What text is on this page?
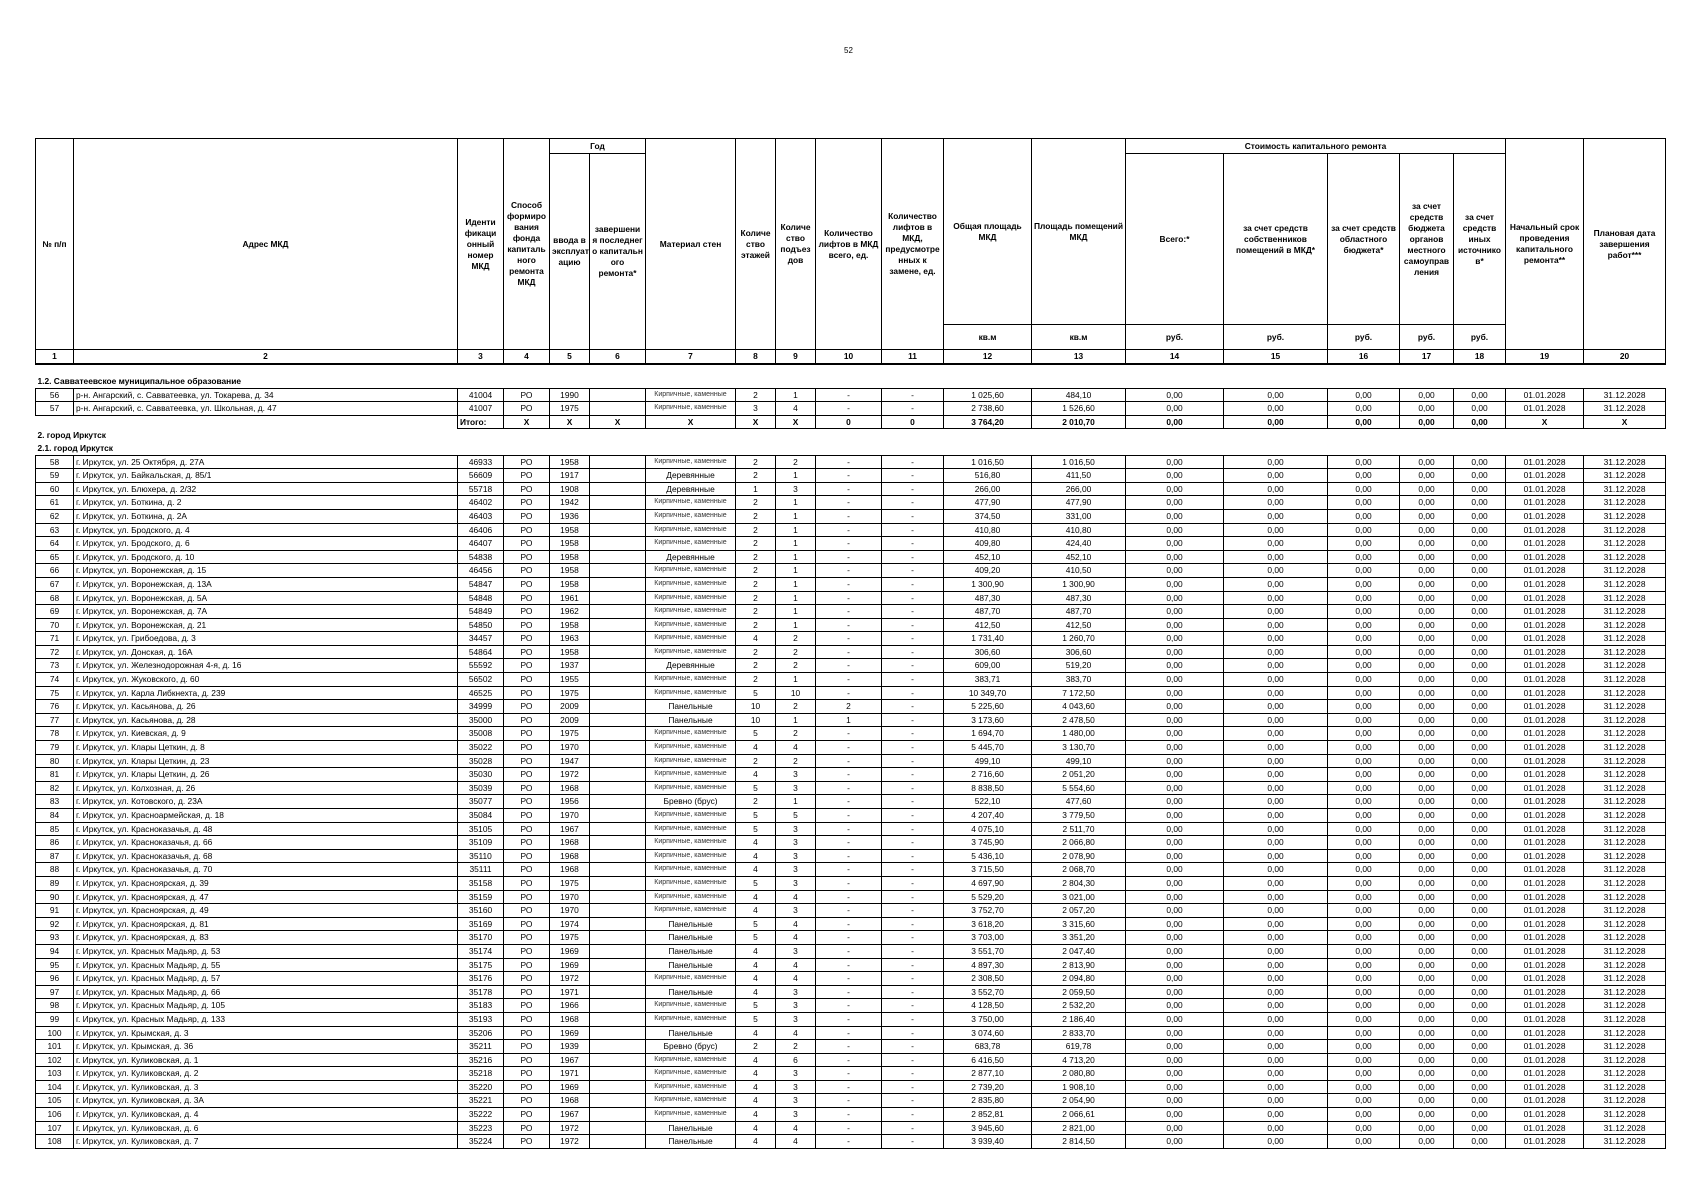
52
№ п/п	Адрес МКД	Иденти фикаци онный номер МКД	Способ формиро вания фонда капиталь ного ремонта МКД	Год		Материал стен	Количе ство этажей	Количе ство подъез дов	Количество лифтов в МКД всего, ед.	Количество лифтов в МКД, предусмотре нных к замене, ед.	Общая площадь МКД	Площадь помещений МКД	Стоимость капитального ремонта					Начальный срок проведения капитального ремонта**	Плановая дата завершения работ***
				ввода в эксплуат ацию	завершени я последнег о капитальн ого ремонта*								Всего:*	за счет средств собственников помещений в МКД*	за счет средств областного бюджета*	за счет средств бюджета органов местного самоуправ ления	за счет средств иных источнико в*		
											кв.м	кв.м	руб.	руб.	руб.	руб.	руб.		
1	2	3	4	5	6	7	8	9	10	11	12	13	14	15	16	17	18	19	20

1.2. Савватеевское муниципальное образование																			
56	р-н. Ангарский, с. Савватеевка, ул. Токарева, д. 34	41004	РО	1990		Кирпичные, каменные	2	1	-	-	1 025,60	484,10	0,00	0,00	0,00	0,00	0,00	01.01.2028	31.12.2028
57	р-н. Ангарский, с. Савватеевка, ул. Школьная, д. 47	41007	РО	1975		Кирпичные, каменные	3	4	-	-	2 738,60	1 526,60	0,00	0,00	0,00	0,00	0,00	01.01.2028	31.12.2028
		Итого:	X	X	X	X	X	X	0	0	3 764,20	2 010,70	0,00	0,00	0,00	0,00	0,00	X	X
2. город Иркутск																			
2.1. город Иркутск																			
58	г. Иркутск, ул. 25 Октября, д. 27А	46933	РО	1958		Кирпичные, каменные	2	2	-	-	1 016,50	1 016,50	0,00	0,00	0,00	0,00	0,00	01.01.2028	31.12.2028
59	г. Иркутск, ул. Байкальская, д. 85/1	56609	РО	1917		Деревянные	2	1	-	-	516,80	411,50	0,00	0,00	0,00	0,00	0,00	01.01.2028	31.12.2028
60	г. Иркутск, ул. Блюхера, д. 2/32	55718	РО	1908		Деревянные	1	3	-	-	266,00	266,00	0,00	0,00	0,00	0,00	0,00	01.01.2028	31.12.2028
61	г. Иркутск, ул. Боткина, д. 2	46402	РО	1942		Кирпичные, каменные	2	1	-	-	477,90	477,90	0,00	0,00	0,00	0,00	0,00	01.01.2028	31.12.2028
62	г. Иркутск, ул. Боткина, д. 2А	46403	РО	1936		Кирпичные, каменные	2	1	-	-	374,50	331,00	0,00	0,00	0,00	0,00	0,00	01.01.2028	31.12.2028
63	г. Иркутск, ул. Бродского, д. 4	46406	РО	1958		Кирпичные, каменные	2	1	-	-	410,80	410,80	0,00	0,00	0,00	0,00	0,00	01.01.2028	31.12.2028
64	г. Иркутск, ул. Бродского, д. 6	46407	РО	1958		Кирпичные, каменные	2	1	-	-	409,80	424,40	0,00	0,00	0,00	0,00	0,00	01.01.2028	31.12.2028
65	г. Иркутск, ул. Бродского, д. 10	54838	РО	1958		Деревянные	2	1	-	-	452,10	452,10	0,00	0,00	0,00	0,00	0,00	01.01.2028	31.12.2028
66	г. Иркутск, ул. Воронежская, д. 15	46456	РО	1958		Кирпичные, каменные	2	1	-	-	409,20	410,50	0,00	0,00	0,00	0,00	0,00	01.01.2028	31.12.2028
67	г. Иркутск, ул. Воронежская, д. 13А	54847	РО	1958		Кирпичные, каменные	2	1	-	-	1 300,90	1 300,90	0,00	0,00	0,00	0,00	0,00	01.01.2028	31.12.2028
68	г. Иркутск, ул. Воронежская, д. 5А	54848	РО	1961		Кирпичные, каменные	2	1	-	-	487,30	487,30	0,00	0,00	0,00	0,00	0,00	01.01.2028	31.12.2028
69	г. Иркутск, ул. Воронежская, д. 7А	54849	РО	1962		Кирпичные, каменные	2	1	-	-	487,70	487,70	0,00	0,00	0,00	0,00	0,00	01.01.2028	31.12.2028
70	г. Иркутск, ул. Воронежская, д. 21	54850	РО	1958		Кирпичные, каменные	2	1	-	-	412,50	412,50	0,00	0,00	0,00	0,00	0,00	01.01.2028	31.12.2028
71	г. Иркутск, ул. Грибоедова, д. 3	34457	РО	1963		Кирпичные, каменные	4	2	-	-	1 731,40	1 260,70	0,00	0,00	0,00	0,00	0,00	01.01.2028	31.12.2028
72	г. Иркутск, ул. Донская, д. 16А	54864	РО	1958		Кирпичные, каменные	2	2	-	-	306,60	306,60	0,00	0,00	0,00	0,00	0,00	01.01.2028	31.12.2028
73	г. Иркутск, ул. Железнодорожная 4-я, д. 16	55592	РО	1937		Деревянные	2	2	-	-	609,00	519,20	0,00	0,00	0,00	0,00	0,00	01.01.2028	31.12.2028
74	г. Иркутск, ул. Жуковского, д. 60	56502	РО	1955		Кирпичные, каменные	2	1	-	-	383,71	383,70	0,00	0,00	0,00	0,00	0,00	01.01.2028	31.12.2028
75	г. Иркутск, ул. Карла Либкнехта, д. 239	46525	РО	1975		Кирпичные, каменные	5	10	-	-	10 349,70	7 172,50	0,00	0,00	0,00	0,00	0,00	01.01.2028	31.12.2028
76	г. Иркутск, ул. Касьянова, д. 26	34999	РО	2009		Панельные	10	2	2	-	5 225,60	4 043,60	0,00	0,00	0,00	0,00	0,00	01.01.2028	31.12.2028
77	г. Иркутск, ул. Касьянова, д. 28	35000	РО	2009		Панельные	10	1	1	-	3 173,60	2 478,50	0,00	0,00	0,00	0,00	0,00	01.01.2028	31.12.2028
78	г. Иркутск, ул. Киевская, д. 9	35008	РО	1975		Кирпичные, каменные	5	2	-	-	1 694,70	1 480,00	0,00	0,00	0,00	0,00	0,00	01.01.2028	31.12.2028
79	г. Иркутск, ул. Клары Цеткин, д. 8	35022	РО	1970		Кирпичные, каменные	4	4	-	-	5 445,70	3 130,70	0,00	0,00	0,00	0,00	0,00	01.01.2028	31.12.2028
80	г. Иркутск, ул. Клары Цеткин, д. 23	35028	РО	1947		Кирпичные, каменные	2	2	-	-	499,10	499,10	0,00	0,00	0,00	0,00	0,00	01.01.2028	31.12.2028
81	г. Иркутск, ул. Клары Цеткин, д. 26	35030	РО	1972		Кирпичные, каменные	4	3	-	-	2 716,60	2 051,20	0,00	0,00	0,00	0,00	0,00	01.01.2028	31.12.2028
82	г. Иркутск, ул. Колхозная, д. 26	35039	РО	1968		Кирпичные, каменные	5	3	-	-	8 838,50	5 554,60	0,00	0,00	0,00	0,00	0,00	01.01.2028	31.12.2028
83	г. Иркутск, ул. Котовского, д. 23А	35077	РО	1956		Бревно (брус)	2	1	-	-	522,10	477,60	0,00	0,00	0,00	0,00	0,00	01.01.2028	31.12.2028
84	г. Иркутск, ул. Красноармейская, д. 18	35084	РО	1970		Кирпичные, каменные	5	5	-	-	4 207,40	3 779,50	0,00	0,00	0,00	0,00	0,00	01.01.2028	31.12.2028
85	г. Иркутск, ул. Красноказачья, д. 48	35105	РО	1967		Кирпичные, каменные	5	3	-	-	4 075,10	2 511,70	0,00	0,00	0,00	0,00	0,00	01.01.2028	31.12.2028
86	г. Иркутск, ул. Красноказачья, д. 66	35109	РО	1968		Кирпичные, каменные	4	3	-	-	3 745,90	2 066,80	0,00	0,00	0,00	0,00	0,00	01.01.2028	31.12.2028
87	г. Иркутск, ул. Красноказачья, д. 68	35110	РО	1968		Кирпичные, каменные	4	3	-	-	5 436,10	2 078,90	0,00	0,00	0,00	0,00	0,00	01.01.2028	31.12.2028
88	г. Иркутск, ул. Красноказачья, д. 70	35111	РО	1968		Кирпичные, каменные	4	3	-	-	3 715,50	2 068,70	0,00	0,00	0,00	0,00	0,00	01.01.2028	31.12.2028
89	г. Иркутск, ул. Красноярская, д. 39	35158	РО	1975		Кирпичные, каменные	5	3	-	-	4 697,90	2 804,30	0,00	0,00	0,00	0,00	0,00	01.01.2028	31.12.2028
90	г. Иркутск, ул. Красноярская, д. 47	35159	РО	1970		Кирпичные, каменные	4	4	-	-	5 529,20	3 021,00	0,00	0,00	0,00	0,00	0,00	01.01.2028	31.12.2028
91	г. Иркутск, ул. Красноярская, д. 49	35160	РО	1970		Кирпичные, каменные	4	3	-	-	3 752,70	2 057,20	0,00	0,00	0,00	0,00	0,00	01.01.2028	31.12.2028
92	г. Иркутск, ул. Красноярская, д. 81	35169	РО	1974		Панельные	5	4	-	-	3 618,20	3 315,60	0,00	0,00	0,00	0,00	0,00	01.01.2028	31.12.2028
93	г. Иркутск, ул. Красноярская, д. 83	35170	РО	1975		Панельные	5	4	-	-	3 703,00	3 351,20	0,00	0,00	0,00	0,00	0,00	01.01.2028	31.12.2028
94	г. Иркутск, ул. Красных Мадьяр, д. 53	35174	РО	1969		Панельные	4	3	-	-	3 551,70	2 047,40	0,00	0,00	0,00	0,00	0,00	01.01.2028	31.12.2028
95	г. Иркутск, ул. Красных Мадьяр, д. 55	35175	РО	1969		Панельные	4	4	-	-	4 897,30	2 813,90	0,00	0,00	0,00	0,00	0,00	01.01.2028	31.12.2028
96	г. Иркутск, ул. Красных Мадьяр, д. 57	35176	РО	1972		Кирпичные, каменные	4	4	-	-	2 308,50	2 094,80	0,00	0,00	0,00	0,00	0,00	01.01.2028	31.12.2028
97	г. Иркутск, ул. Красных Мадьяр, д. 66	35178	РО	1971		Панельные	4	3	-	-	3 552,70	2 059,50	0,00	0,00	0,00	0,00	0,00	01.01.2028	31.12.2028
98	г. Иркутск, ул. Красных Мадьяр, д. 105	35183	РО	1966		Кирпичные, каменные	5	3	-	-	4 128,50	2 532,20	0,00	0,00	0,00	0,00	0,00	01.01.2028	31.12.2028
99	г. Иркутск, ул. Красных Мадьяр, д. 133	35193	РО	1968		Кирпичные, каменные	5	3	-	-	3 750,00	2 186,40	0,00	0,00	0,00	0,00	0,00	01.01.2028	31.12.2028
100	г. Иркутск, ул. Крымская, д. 3	35206	РО	1969		Панельные	4	4	-	-	3 074,60	2 833,70	0,00	0,00	0,00	0,00	0,00	01.01.2028	31.12.2028
101	г. Иркутск, ул. Крымская, д. 36	35211	РО	1939		Бревно (брус)	2	2	-	-	683,78	619,78	0,00	0,00	0,00	0,00	0,00	01.01.2028	31.12.2028
102	г. Иркутск, ул. Куликовская, д. 1	35216	РО	1967		Кирпичные, каменные	4	6	-	-	6 416,50	4 713,20	0,00	0,00	0,00	0,00	0,00	01.01.2028	31.12.2028
103	г. Иркутск, ул. Куликовская, д. 2	35218	РО	1971		Кирпичные, каменные	4	3	-	-	2 877,10	2 080,80	0,00	0,00	0,00	0,00	0,00	01.01.2028	31.12.2028
104	г. Иркутск, ул. Куликовская, д. 3	35220	РО	1969		Кирпичные, каменные	4	3	-	-	2 739,20	1 908,10	0,00	0,00	0,00	0,00	0,00	01.01.2028	31.12.2028
105	г. Иркутск, ул. Куликовская, д. 3А	35221	РО	1968		Кирпичные, каменные	4	3	-	-	2 835,80	2 054,90	0,00	0,00	0,00	0,00	0,00	01.01.2028	31.12.2028
106	г. Иркутск, ул. Куликовская, д. 4	35222	РО	1967		Кирпичные, каменные	4	3	-	-	2 852,81	2 066,61	0,00	0,00	0,00	0,00	0,00	01.01.2028	31.12.2028
107	г. Иркутск, ул. Куликовская, д. 6	35223	РО	1972		Панельные	4	4	-	-	3 945,60	2 821,00	0,00	0,00	0,00	0,00	0,00	01.01.2028	31.12.2028
108	г. Иркутск, ул. Куликовская, д. 7	35224	РО	1972		Панельные	4	4	-	-	3 939,40	2 814,50	0,00	0,00	0,00	0,00	0,00	01.01.2028	31.12.2028
